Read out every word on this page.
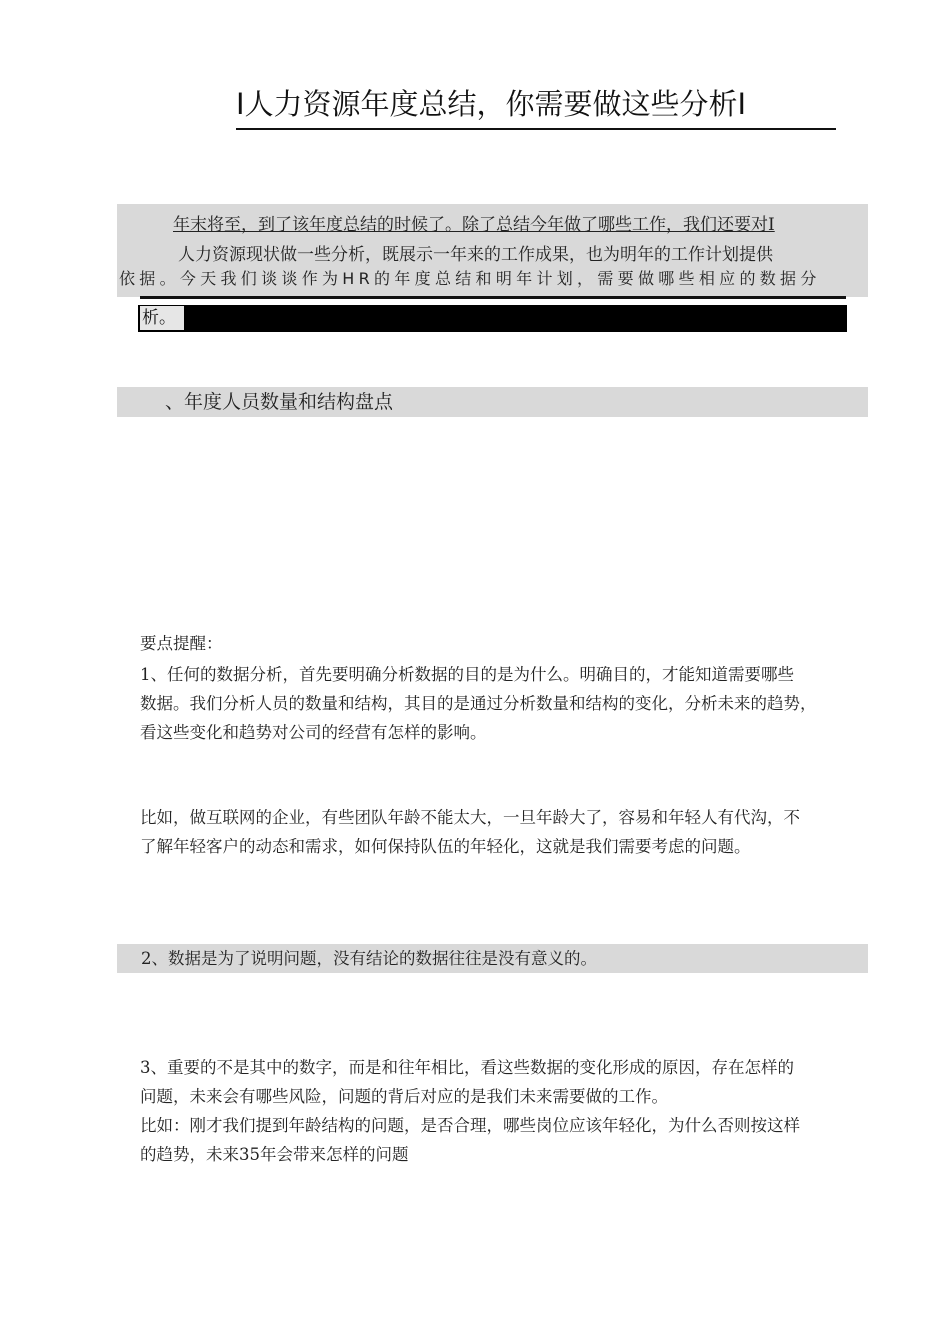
I人力资源年度总结，你需要做这些分析I
年末将至，到了该年度总结的时候了。除了总结今年做了哪些工作，我们还要对I
人力资源现状做一些分析，既展示一年来的工作成果，也为明年的工作计划提供
依据。今天我们谈谈作为HR的年度总结和明年计划，需要做哪些相应的数据分
析。
、年度人员数量和结构盘点
要点提醒：
1、任何的数据分析，首先要明确分析数据的目的是为什么。明确目的，才能知道需要哪些
数据。我们分析人员的数量和结构，其目的是通过分析数量和结构的变化，分析未来的趋势，
看这些变化和趋势对公司的经营有怎样的影响。
比如，做互联网的企业，有些团队年龄不能太大，一旦年龄大了，容易和年轻人有代沟，不
了解年轻客户的动态和需求，如何保持队伍的年轻化，这就是我们需要考虑的问题。
2、数据是为了说明问题，没有结论的数据往往是没有意义的。
3、重要的不是其中的数字，而是和往年相比，看这些数据的变化形成的原因，存在怎样的
问题，未来会有哪些风险，问题的背后对应的是我们未来需要做的工作。
比如：刚才我们提到年龄结构的问题，是否合理，哪些岗位应该年轻化，为什么否则按这样
的趋势，未来35年会带来怎样的问题
